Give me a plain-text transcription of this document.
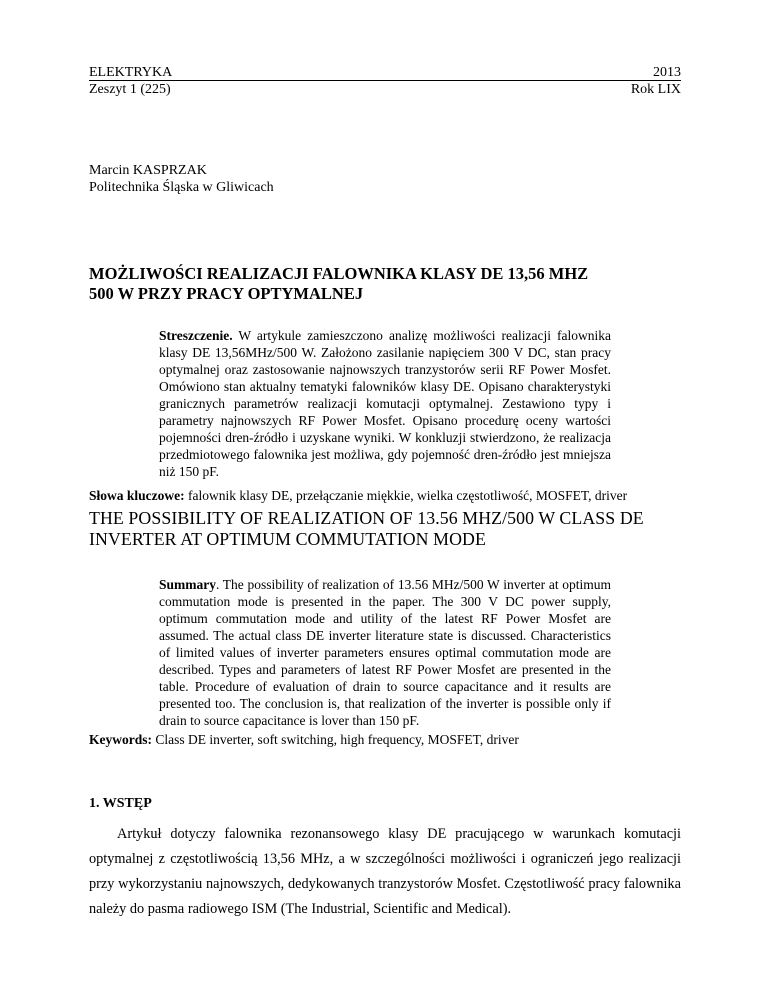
ELEKTRYKA
Zeszyt 1 (225)
2013
Rok LIX
Marcin KASPRZAK
Politechnika Śląska w Gliwicach
MOŻLIWOŚCI REALIZACJI FALOWNIKA KLASY DE 13,56 MHZ
500 W PRZY PRACY OPTYMALNEJ
Streszczenie. W artykule zamieszczono analizę możliwości realizacji falownika klasy DE 13,56MHz/500 W. Założono zasilanie napięciem 300 V DC, stan pracy optymalnej oraz zastosowanie najnowszych tranzystorów serii RF Power Mosfet. Omówiono stan aktualny tematyki falowników klasy DE. Opisano charakterystyki granicznych parametrów realizacji komutacji optymalnej. Zestawiono typy i parametry najnowszych RF Power Mosfet. Opisano procedurę oceny wartości pojemności dren-źródło i uzyskane wyniki. W konkluzji stwierdzono, że realizacja przedmiotowego falownika jest możliwa, gdy pojemność dren-źródło jest mniejsza niż 150 pF.
Słowa kluczowe: falownik klasy DE, przełączanie miękkie, wielka częstotliwość, MOSFET, driver
THE POSSIBILITY OF REALIZATION OF 13.56 MHZ/500 W CLASS DE
INVERTER AT OPTIMUM COMMUTATION MODE
Summary. The possibility of realization of 13.56 MHz/500 W inverter at optimum commutation mode is presented in the paper. The 300 V DC power supply, optimum commutation mode and utility of the latest RF Power Mosfet are assumed. The actual class DE inverter literature state is discussed. Characteristics of limited values of inverter parameters ensures optimal commutation mode are described. Types and parameters of latest RF Power Mosfet are presented in the table. Procedure of evaluation of drain to source capacitance and it results are presented too. The conclusion is, that realization of the inverter is possible only if drain to source capacitance is lover than 150 pF.
Keywords: Class DE inverter, soft switching, high frequency, MOSFET, driver
1. WSTĘP
Artykuł dotyczy falownika rezonansowego klasy DE pracującego w warunkach komutacji optymalnej z częstotliwością 13,56 MHz, a w szczególności możliwości i ograniczeń jego realizacji przy wykorzystaniu najnowszych, dedykowanych tranzystorów Mosfet. Częstotliwość pracy falownika należy do pasma radiowego ISM (The Industrial, Scientific and Medical).
